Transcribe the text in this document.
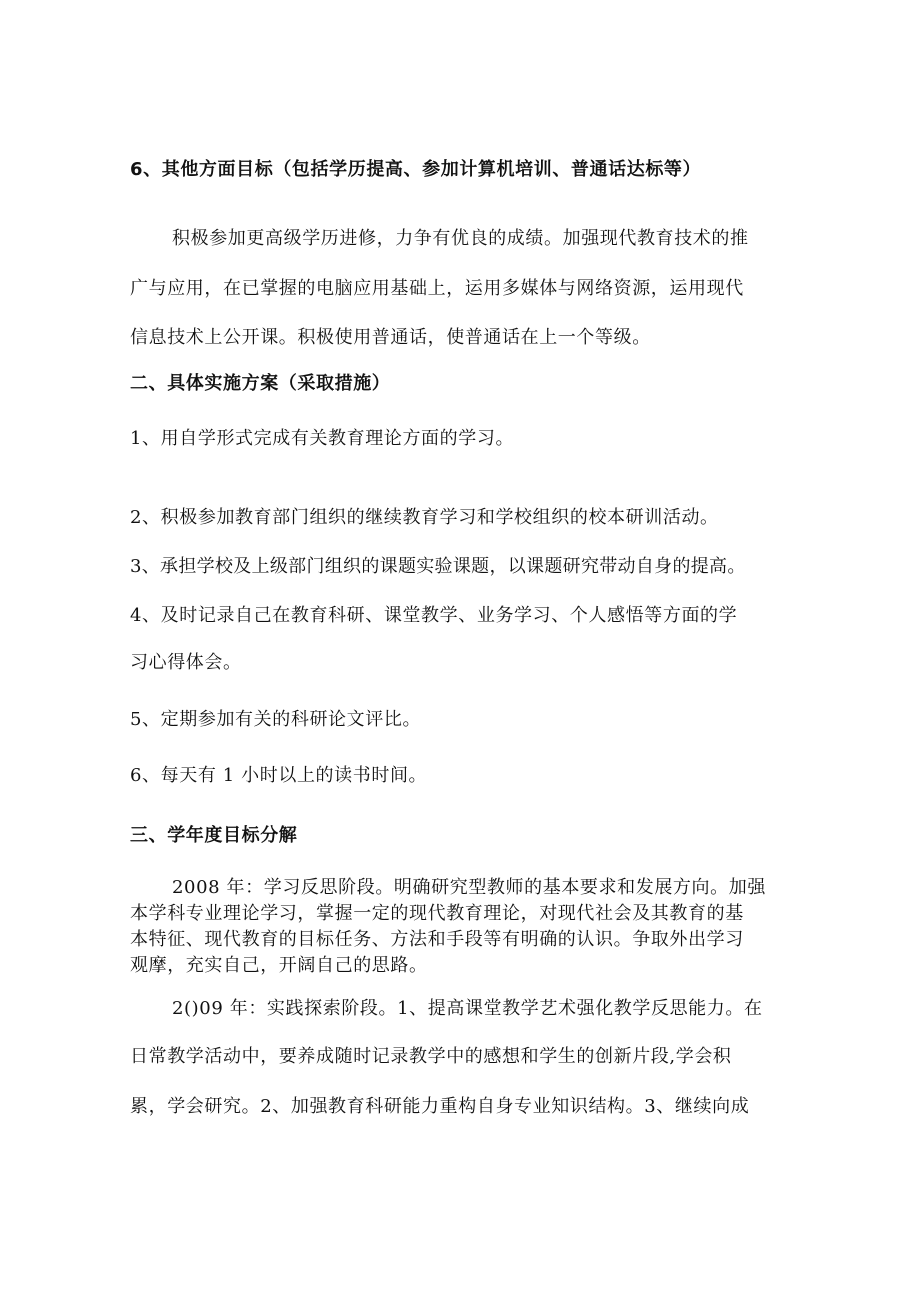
6、其他方面目标（包括学历提高、参加计算机培训、普通话达标等）
积极参加更高级学历进修，力争有优良的成绩。加强现代教育技术的推
广与应用，在已掌握的电脑应用基础上，运用多媒体与网络资源，运用现代
信息技术上公开课。积极使用普通话，使普通话在上一个等级。
二、具体实施方案（采取措施）
1、用自学形式完成有关教育理论方面的学习。
2、积极参加教育部门组织的继续教育学习和学校组织的校本研训活动。
3、承担学校及上级部门组织的课题实验课题，以课题研究带动自身的提高。
4、及时记录自己在教育科研、课堂教学、业务学习、个人感悟等方面的学
习心得体会。
5、定期参加有关的科研论文评比。
6、每天有 1 小时以上的读书时间。
三、学年度目标分解
2008 年：学习反思阶段。明确研究型教师的基本要求和发展方向。加强
本学科专业理论学习，掌握一定的现代教育理论，对现代社会及其教育的基
本特征、现代教育的目标任务、方法和手段等有明确的认识。争取外出学习
观摩，充实自己，开阔自己的思路。
2()09 年：实践探索阶段。1、提高课堂教学艺术强化教学反思能力。在
日常教学活动中，要养成随时记录教学中的感想和学生的创新片段,学会积
累，学会研究。2、加强教育科研能力重构自身专业知识结构。3、继续向成
